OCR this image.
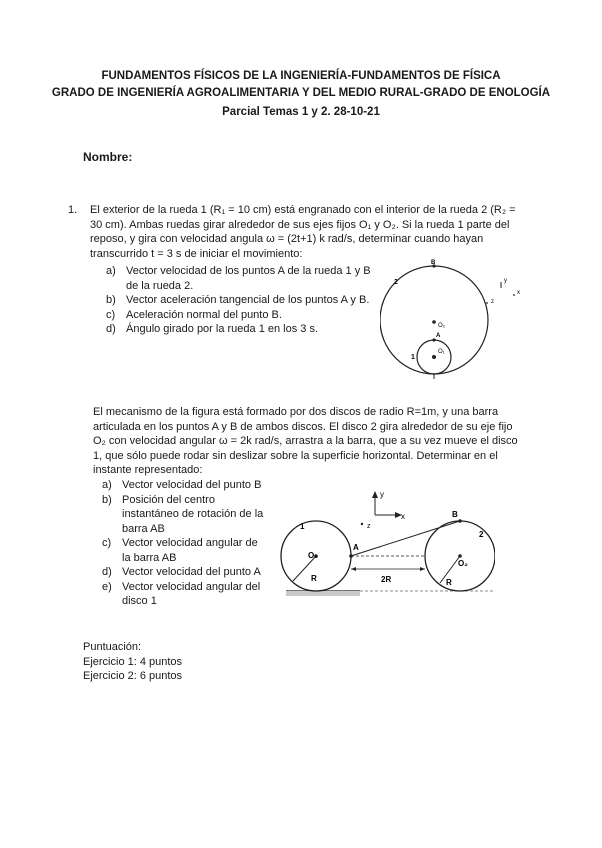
FUNDAMENTOS FÍSICOS DE LA INGENIERÍA-FUNDAMENTOS DE FÍSICA
GRADO DE INGENIERÍA AGROALIMENTARIA Y DEL MEDIO RURAL-GRADO DE ENOLOGÍA
Parcial Temas 1 y 2. 28-10-21
Nombre:
1. El exterior de la rueda 1 (R₁ = 10 cm) está engranado con el interior de la rueda 2 (R₂ =
30 cm). Ambas ruedas girar alrededor de sus ejes fijos O₁ y O₂. Si la rueda 1 parte del
reposo, y gira con velocidad angula ω = (2t+1) k rad/s, determinar cuando hayan
transcurrido t = 3 s de iniciar el movimiento:
a) Vector velocidad de los puntos A de la rueda 1 y B
de la rueda 2.
b) Vector aceleración tangencial de los puntos A y B.
c) Aceleración normal del punto B.
d) Ángulo girado por la rueda 1 en los 3 s.
B
2
O₂
A
O₁
1
y
x
z
El mecanismo de la figura está formado por dos discos de radio R=1m, y una barra
articulada en los puntos A y B de ambos discos. El disco 2 gira alrededor de su eje fijo
O₂ con velocidad angular ω = 2k rad/s, arrastra a la barra, que a su vez mueve el disco
1, que sólo puede rodar sin deslizar sobre la superficie horizontal. Determinar en el
instante representado:
a) Vector velocidad del punto B
b) Posición del centro
instantáneo de rotación de la
barra AB
c) Vector velocidad angular de
la barra AB
d) Vector velocidad del punto A
e) Vector velocidad angular del
disco 1
y
x
z
O₁
R
1
O₂
R
2
A
B
2R
Puntuación:
Ejercicio 1: 4 puntos
Ejercicio 2: 6 puntos
